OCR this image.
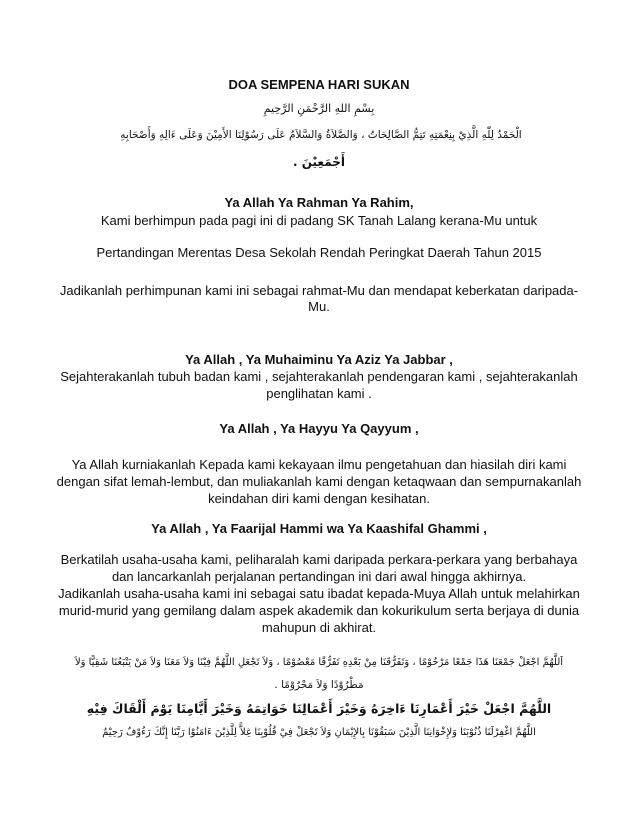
DOA SEMPENA HARI SUKAN
بِسْمِ اللهِ الرَّحْمَنِ الرَّحِيمِ
الْحَمْدُ لِلّٰهِ الَّذِيْ بِنِعْمَتِهِ تَتِمُّ الصَّالِحَاتُ ، وَالصَّلاَةُ وَالسَّلاَمُ عَلَى رَسُوْلِنَا الأَمِيْنَ وَعَلَى ءَالِهِ وَأَصْحَابِهِ
أَجْمَعِيْنَ .
Ya Allah Ya Rahman Ya Rahim,
Kami berhimpun pada pagi ini di padang SK Tanah Lalang kerana-Mu untuk
Pertandingan Merentas Desa Sekolah Rendah Peringkat Daerah Tahun 2015
Jadikanlah perhimpunan kami ini sebagai rahmat-Mu dan mendapat keberkatan daripada-
Mu.
Ya Allah , Ya Muhaiminu Ya Aziz Ya Jabbar ,
Sejahterakanlah tubuh badan kami , sejahterakanlah pendengaran kami , sejahterakanlah
penglihatan kami .
Ya Allah , Ya Hayyu Ya Qayyum ,
Ya Allah kurniakanlah Kepada kami kekayaan ilmu pengetahuan dan hiasilah diri kami
dengan sifat lemah-lembut, dan muliakanlah kami dengan ketaqwaan dan sempurnakanlah
keindahan diri kami dengan kesihatan.
Ya Allah , Ya Faarijal Hammi wa Ya Kaashifal Ghammi ,
Berkatilah usaha-usaha kami, peliharalah kami daripada perkara-perkara yang berbahaya
dan lancarkanlah perjalanan pertandingan ini dari awal hingga akhirnya.
Jadikanlah usaha-usaha kami ini sebagai satu ibadat kepada-Muya Allah untuk melahirkan
murid-murid yang gemilang dalam aspek akademik dan kokurikulum serta berjaya di dunia
mahupun di akhirat.
اَللَّهُمَّ اجْعَلْ جَمْعَنَا هَذَا جَمْعًا مَرْحُوْمًا ، وَتَفَرُّقَنَا مِنْ بَعْدِهِ تَفَرُّقًا مَعْصُوْمًا ، وَلاَ تَجْعَلِ اللَّهُمَّ فِيْنَا وَلاَ مَعَنَا وَلاَ مَنْ يَتْبَعُنَا شَقِيًّا وَلاَ
مَطْرُوْدًا وَلاَ مَحْرُوْمًا .
اللَّهُمَّ اجْعَلْ خَيْرَ أَعْمَارِنَا ءَاخِرَهُ وَخَيْرَ أَعْمَالِنَا خَوَاتِمَهُ وَخَيْرَ أَيَّامِنَا يَوْمَ أَلْقَاكَ فِيْهِ
اللَّهُمَّ اغْفِرْلَنَا ذُنُوْبَنَا وَلإِخْوَانِنَا الَّذِيْنَ سَبَقُوْنَا بِالإِيْمَانِ وَلاَ تَجْعَلْ فِيْ قُلُوْبِنَا غِلاًّ لِلَّذِيْنَ ءَامَنُوْا رَبَّنَا إِنَّكَ رَءُوْفٌ رَحِيْمٌ
